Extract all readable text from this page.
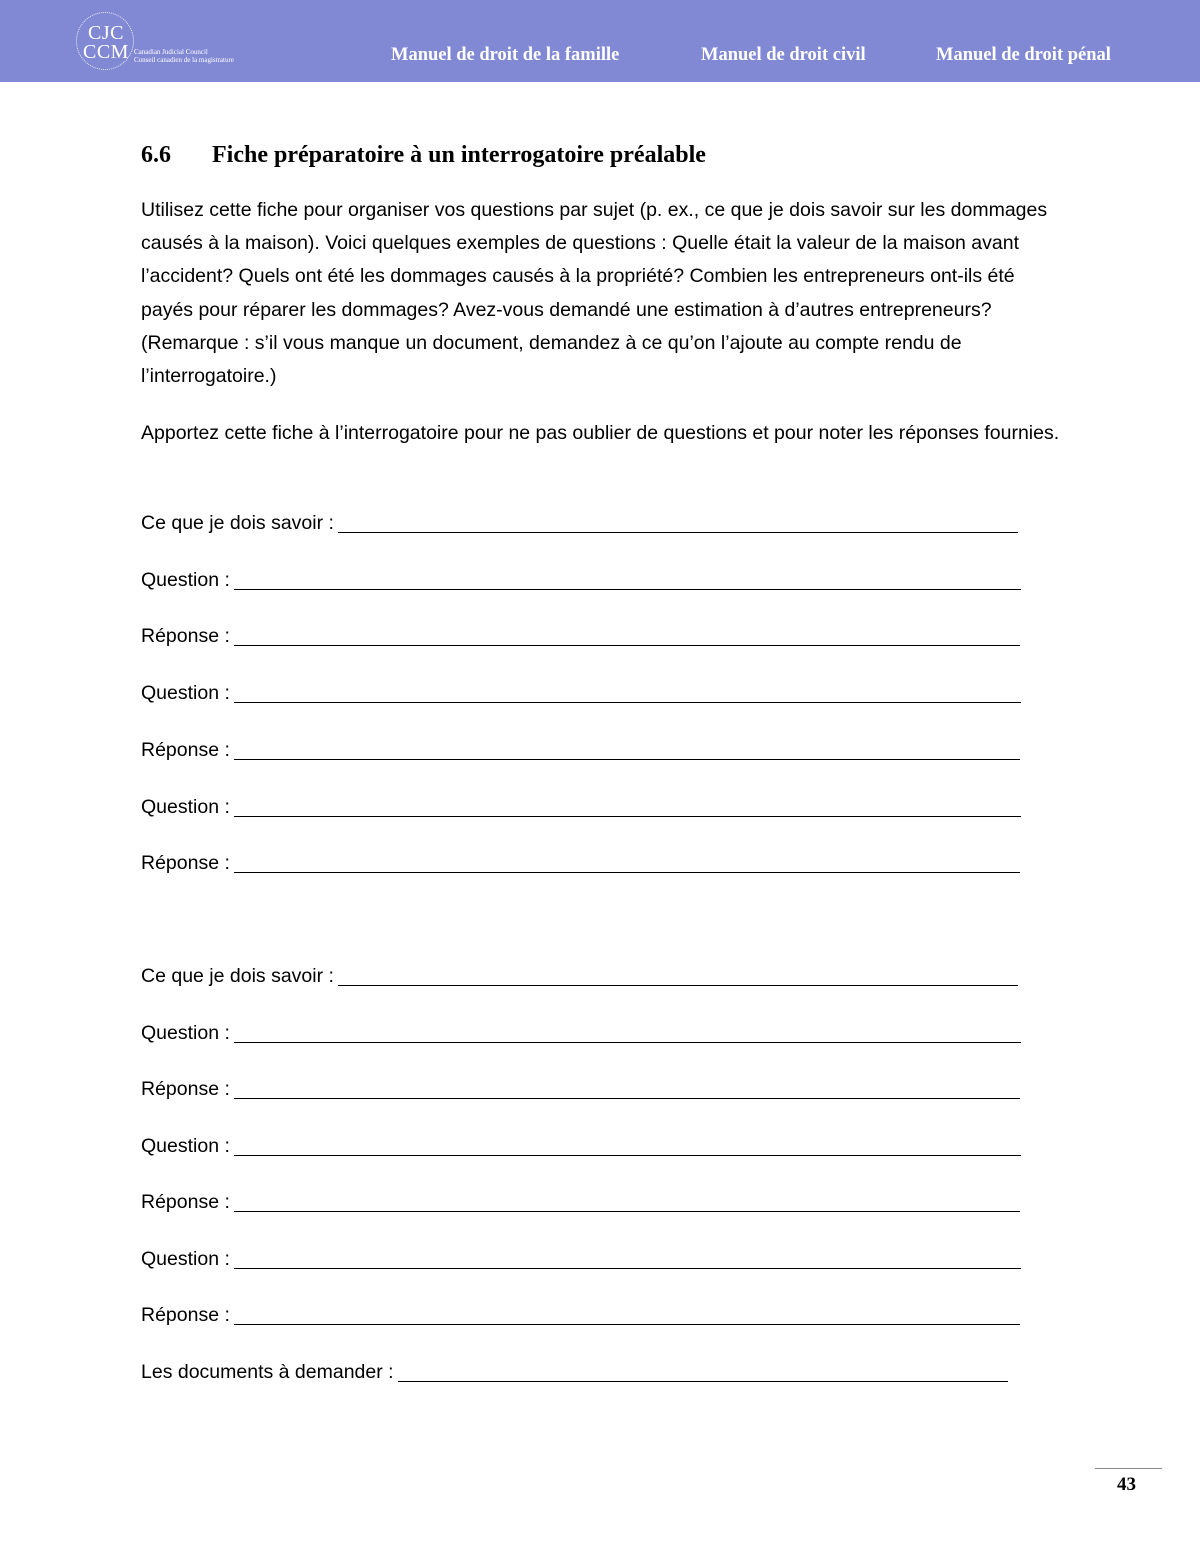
CJC
CCM Canadian Judicial Council
Conseil canadien de la magistrature	Manuel de droit de la famille	Manuel de droit civil	Manuel de droit pénal
6.6 Fiche préparatoire à un interrogatoire préalable

Utilisez cette fiche pour organiser vos questions par sujet (p. ex., ce que je dois savoir sur les dommages causés à la maison). Voici quelques exemples de questions : Quelle était la valeur de la maison avant l’accident? Quels ont été les dommages causés à la propriété? Combien les entrepreneurs ont-ils été payés pour réparer les dommages? Avez-vous demandé une estimation à d’autres entrepreneurs? (Remarque : s’il vous manque un document, demandez à ce qu’on l’ajoute au compte rendu de l’interrogatoire.)

Apportez cette fiche à l’interrogatoire pour ne pas oublier de questions et pour noter les réponses fournies.

Ce que je dois savoir :
Question :
Réponse :
Question :
Réponse :
Question :
Réponse :
Ce que je dois savoir :
Question :
Réponse :
Question :
Réponse :
Question :
Réponse :
Les documents à demander :
43
